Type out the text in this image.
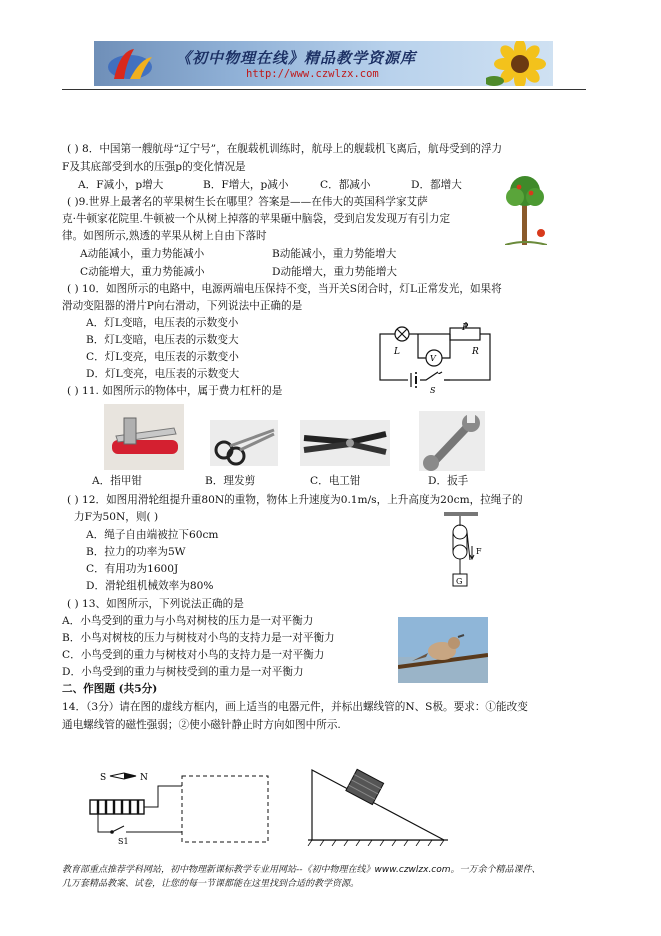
《初中物理在线》精品教学资源库
http://www.czwlzx.com
( ) 8．中国第一艘航母“辽宁号”，在舰载机训练时，航母上的舰载机飞离后，航母受到的浮力
F及其底部受到水的压强p的变化情况是
A．F减小，p增大	B．F增大，p减小	C．都减小	D．都增大
( )9.世界上最著名的苹果树生长在哪里？答案是——在伟大的英国科学家艾萨
克·牛顿家花院里.牛顿被一个从树上掉落的苹果砸中脑袋，受到启发发现万有引力定
律。如图所示,熟透的苹果从树上自由下落时
A动能减小，重力势能减小	B动能减小，重力势能增大
C动能增大，重力势能减小	D动能增大，重力势能增大
( ) 10．如图所示的电路中，电源两端电压保持不变，当开关S闭合时，灯L正常发光，如果将
滑动变阻器的滑片P向右滑动，下列说法中正确的是
A．灯L变暗，电压表的示数变小
B．灯L变暗，电压表的示数变大
C．灯L变亮，电压表的示数变小
D．灯L变亮，电压表的示数变大
L
P
R
V
S
( ) 11. 如图所示的物体中，属于费力杠杆的是
A．指甲钳	B．理发剪	C．电工钳	D．扳手
( ) 12．如图用滑轮组提升重80N的重物，物体上升速度为0.1m/s，上升高度为20cm，拉绳子的
力F为50N，则( )
A．绳子自由端被拉下60cm
B．拉力的功率为5W
C．有用功为1600J
D．滑轮组机械效率为80%
F
G
( ) 13、如图所示，下列说法正确的是
A．小鸟受到的重力与小鸟对树枝的压力是一对平衡力
B．小鸟对树枝的压力与树枝对小鸟的支持力是一对平衡力
C．小鸟受到的重力与树枝对小鸟的支持力是一对平衡力
D．小鸟受到的重力与树枝受到的重力是一对平衡力
二、作图题 (共5分)
14．（3分）请在图的虚线方框内，画上适当的电器元件，并标出螺线管的N、S极。要求：①能改变
通电螺线管的磁性强弱；②使小磁针静止时方向如图中所示.
S	N
S1
教育部重点推荐学科网站，初中物理新课标教学专业用网站--《初中物理在线》www.czwlzx.com。一万余个精品课件、
几万套精品教案、试卷，让您的每一节课都能在这里找到合适的教学资源。
